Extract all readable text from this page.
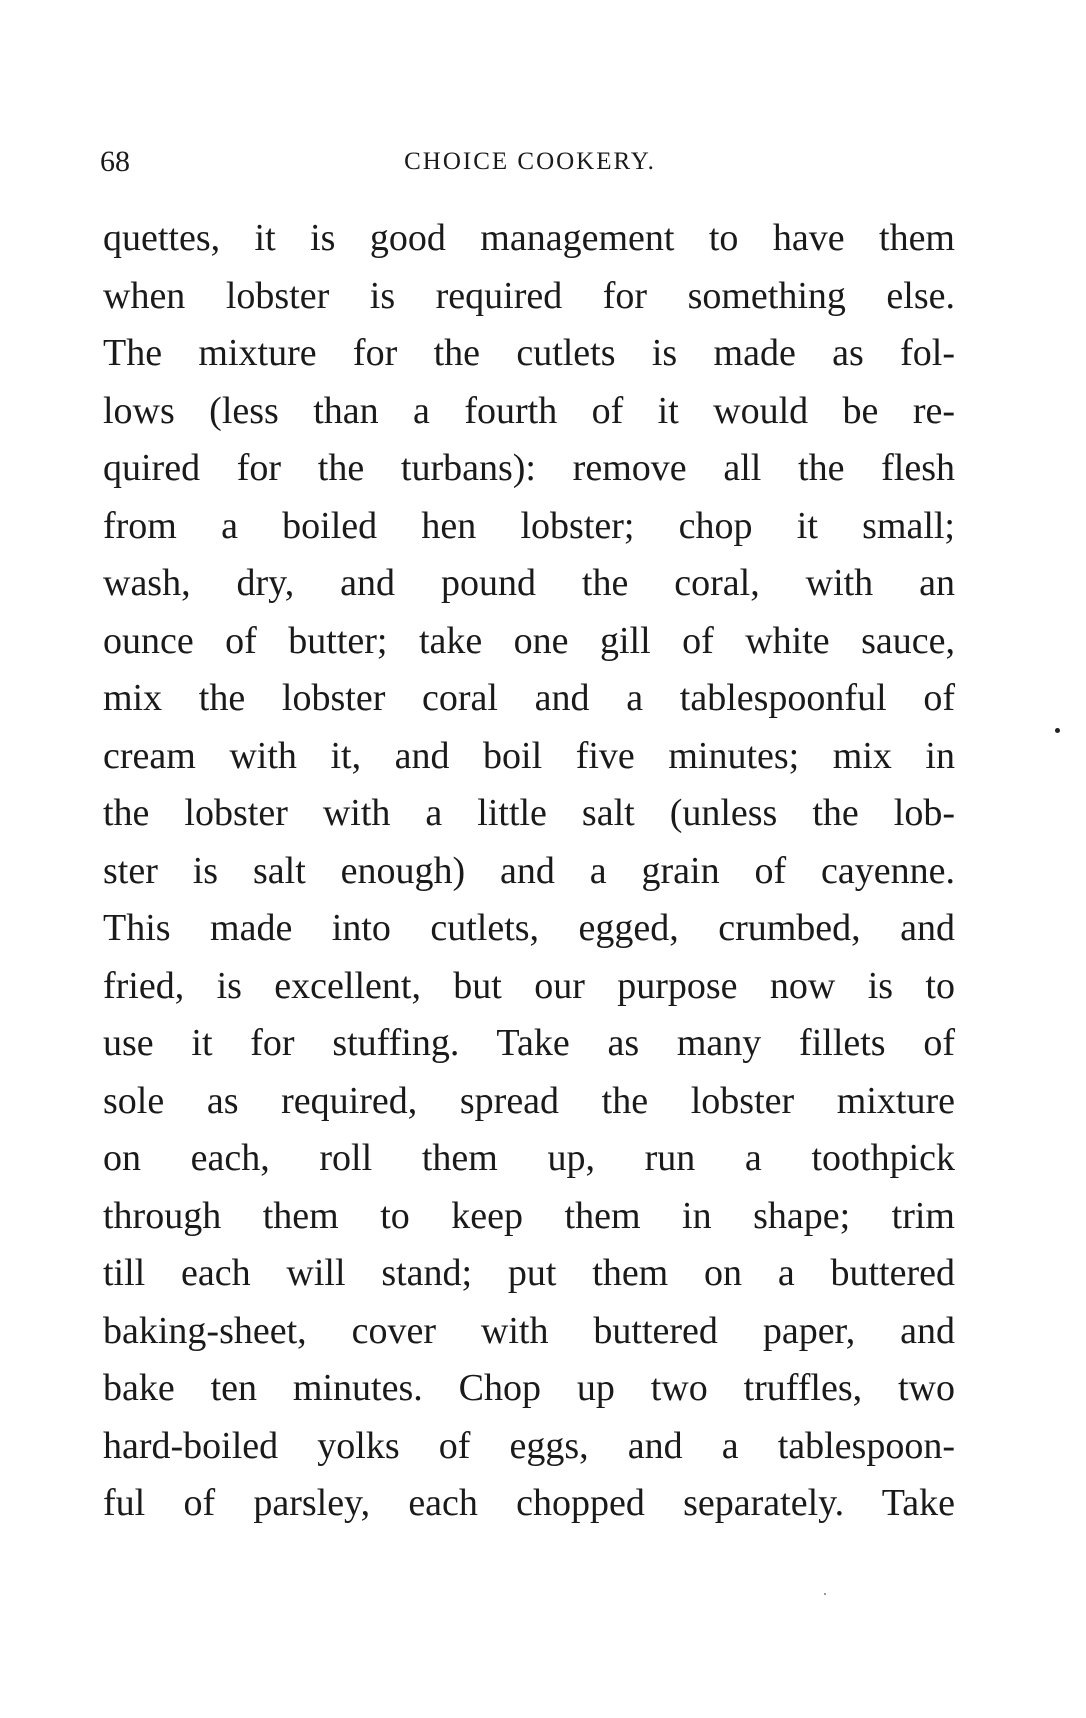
68	CHOICE COOKERY.
quettes, it is good management to have them
when lobster is required for something else.
The mixture for the cutlets is made as fol-
lows (less than a fourth of it would be re-
quired for the turbans): remove all the flesh
from a boiled hen lobster; chop it small;
wash, dry, and pound the coral, with an
ounce of butter; take one gill of white sauce,
mix the lobster coral and a tablespoonful of
cream with it, and boil five minutes; mix in
the lobster with a little salt (unless the lob-
ster is salt enough) and a grain of cayenne.
This made into cutlets, egged, crumbed, and
fried, is excellent, but our purpose now is to
use it for stuffing. Take as many fillets of
sole as required, spread the lobster mixture
on each, roll them up, run a toothpick
through them to keep them in shape; trim
till each will stand; put them on a buttered
baking-sheet, cover with buttered paper, and
bake ten minutes. Chop up two truffles, two
hard-boiled yolks of eggs, and a tablespoon-
ful of parsley, each chopped separately. Take
